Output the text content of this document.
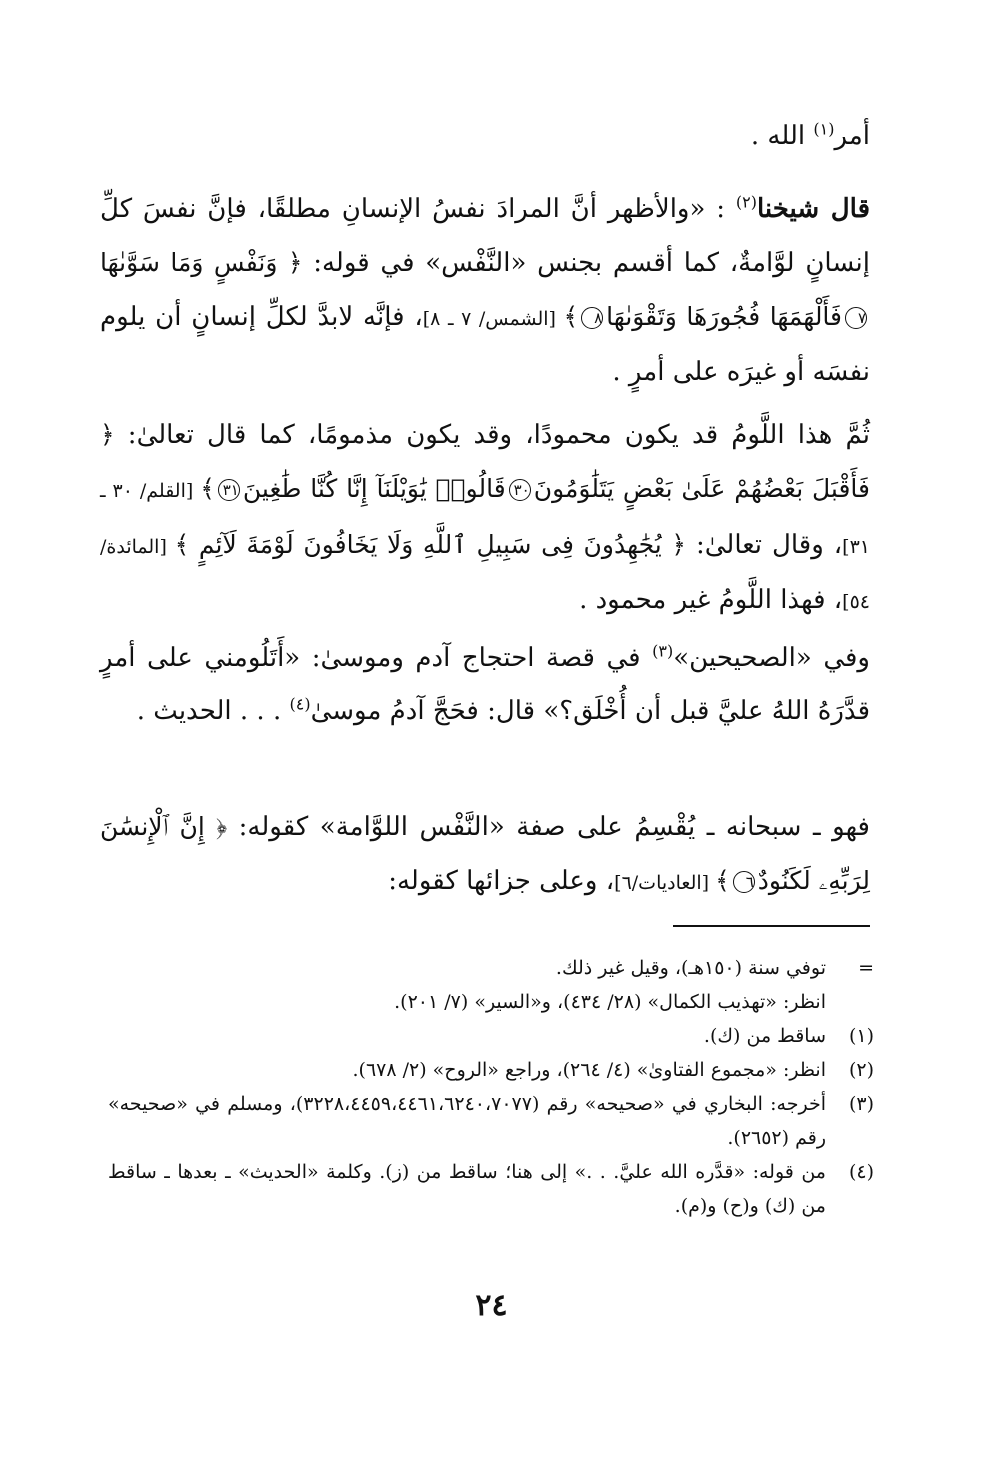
أمر$^{(١)}$ الله .
قال شيخنا$^{(٢)}$ : «والأظهر أنَّ المرادَ نفسُ الإنسانِ مطلقًا، فإنَّ نفسَ كلِّ إنسانٍ لوَّامةٌ، كما أقسم بجنس «النَّفْس» في قوله: ﴿ وَنَفْسٍ وَمَا سَوَّىٰهَا٧فَأَلْهَمَهَا فُجُورَهَا وَتَقْوَىٰهَا٨﴾ [الشمس/ ٧ ـ ٨]، فإنَّه لابدَّ لكلِّ إنسانٍ أن يلوم نفسَه أو غيرَه على أمرٍ .
ثُمَّ هذا اللَّومُ قد يكون محمودًا، وقد يكون مذمومًا، كما قال تعالىٰ: ﴿ فَأَقْبَلَ بَعْضُهُمْ عَلَىٰ بَعْضٍ يَتَلَٰوَمُونَ٣٠قَالُوا۟ يَٰوَيْلَنَآ إِنَّا كُنَّا طَٰغِينَ٣١﴾ [القلم/ ٣٠ ـ ٣١]، وقال تعالىٰ: ﴿ يُجَٰهِدُونَ فِى سَبِيلِ ٱللَّهِ وَلَا يَخَافُونَ لَوْمَةَ لَآئِمٍ ﴾ [المائدة/ ٥٤]، فهذا اللَّومُ غير محمود .
وفي «الصحيحين»$^{(٣)}$ في قصة احتجاج آدم وموسىٰ: «أَتَلُومني على أمرٍ قدَّرَهُ اللهُ عليَّ قبل أن أُخْلَق؟» قال: فحَجَّ آدمُ موسىٰ$^{(٤)}$ . . . الحديث .
فهو ـ سبحانه ـ يُقْسِمُ على صفة «النَّفْس اللوَّامة» كقوله: ﴿ إِنَّ ٱلْإِنسَٰنَ لِرَبِّهِۦ لَكَنُودٌ٦﴾ [العاديات/٦]، وعلى جزائها كقوله:
=
توفي سنة (١٥٠هـ)، وقيل غير ذلك.
انظر: «تهذيب الكمال» (٢٨/ ٤٣٤)، و«السير» (٧/ ٢٠١).
(١)
ساقط من (ك).
(٢)
انظر: «مجموع الفتاوىٰ» (٤/ ٢٦٤)، وراجع «الروح» (٢/ ٦٧٨).
(٣)
أخرجه: البخاري في «صحيحه» رقم (٣٢٢٨،٤٤٥٩،٤٤٦١،٦٢٤٠،٧٠٧٧)، ومسلم في «صحيحه» رقم (٢٦٥٢).
(٤)
من قوله: «قدَّره الله عليَّ. . .» إلى هنا؛ ساقط من (ز). وكلمة «الحديث» ـ بعدها ـ ساقط من (ك) و(ح) و(م).
٢٤
